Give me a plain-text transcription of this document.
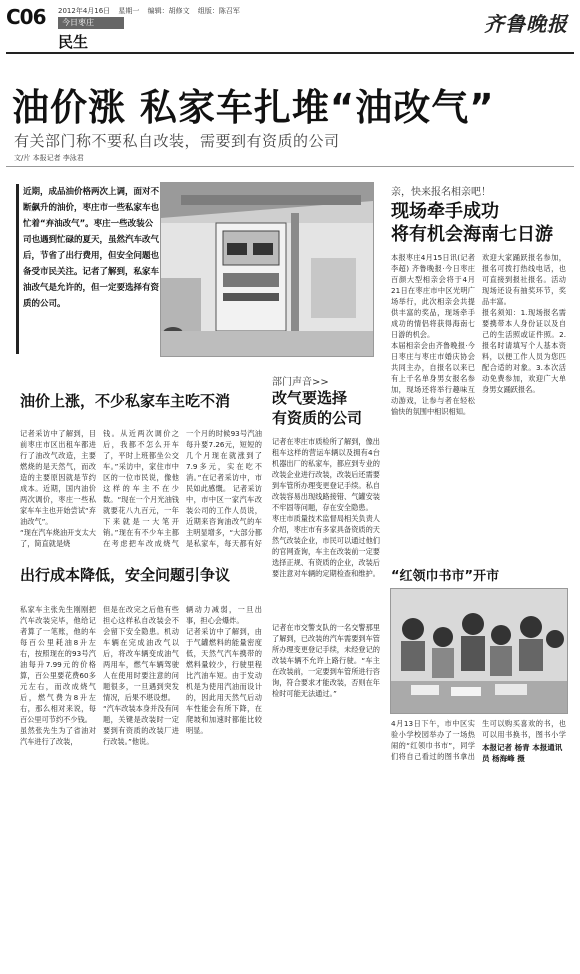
C06	2012年4月16日 星期一 编辑：胡修文 组版：陈召军
今日枣庄
民生
齐鲁晚报
油价涨 私家车扎堆“油改气”
有关部门称不要私自改装，需要到有资质的公司
文/片 本报记者 李泳君
近期，成品油价格两次上调，面对不断飙升的油价，枣庄市一些私家车也忙着“弃油改气”。枣庄一些改装公司也遇到忙碌的夏天，虽然汽车改气后，节省了出行费用，但安全问题也备受市民关注。记者了解到，私家车油改气是允许的，但一定要选择有资质的公司。
油价上涨，不少私家车主吃不消
记者采访中了解到，目前枣庄市区出租车都进行了油改气改造，主要燃烧的是天然气，而改造的主要原因就是节约成本。近期，国内油价两次调价，枣庄一些私家车车主也开始尝试“弃油改气”。
“现在汽车烧油开支太大了，简直就是烧
钱。从近两次调价之后，我都不怎么开车了，平时上班都坐公交车。”采访中，家住市中区的一位市民说，像他这样的车主不在少数。“现在一个月光油钱就要花八九百元，一年下来就是一大笔开销。”现在有不少车主都在考虑把车改成烧气
一个月的时候93号汽油每升要7.26元，短短的几个月现在就涨到了7.9多元，实在吃不消。”在记者采访中，市民如此感慨。 记者采访中，市中区一家汽车改装公司的工作人员说，近期来咨询油改气的车主明显增多，“大部分都是私家车，每天都有好
出行成本降低，安全问题引争议
私家车主张先生刚刚把汽车改装完毕，他给记者算了一笔账，他的车每百公里耗油8升左右，按照现在的93号汽油每升7.99元的价格算，百公里要花费60多元左右，而改成烧气后，燃气费为8升左右，那么相对来说，每百公里可节约不少钱。
虽然张先生为了省油对汽车进行了改装，
但是在改完之后他有些担心这样私自改装会不会留下安全隐患。机动车辆在完成油改气以后，将改车辆变成油气两用车，燃气车辆驾驶人在使用时要注意的问题很多，一旦遇到突发情况，后果不堪设想。
“汽车改装本身并没有问题，关键是改装时一定要到有资质的改装厂进行改装。”他说。
辆动力减弱，一旦出事，担心会爆炸。
记者采访中了解到，由于气罐燃料的能量密度低，天然气汽车携带的燃料量较少，行驶里程比汽油车短。由于发动机是为使用汽油而设计的，因此用天然气后动车性能会有所下降，在爬坡和加速时都能比较明显。
部门声音>>
改气要选择
有资质的公司
记者在枣庄市质检所了解到，像出租车这样的营运车辆以及拥有4台机器出厂的私家车，都应到专业的改装企业进行改装，改装后还需要到车管所办理变更登记手续。私自改装容易出现线路接错、气罐安装不牢固等问题，存在安全隐患。
枣庄市质量技术监督局相关负责人介绍，枣庄市有多家具备资质的天然气改装企业，市民可以通过他们的官网查询，车主在改装前一定要选择正规、有资质的企业，改装后要注意对车辆的定期检查和维护。
记者在市交警支队的一名交警那里了解到，已改装的汽车需要到车管所办理变更登记手续，未经登记的改装车辆不允许上路行驶。“车主在改装前，一定要到车管所进行咨询，符合要求才能改装，否则在年检时可能无法通过。”
亲，快来报名相亲吧！
现场牵手成功
将有机会海南七日游
本报枣庄4月15日讯(记者李超) 齐鲁晚报·今日枣庄百颜大型相亲会将于4月21日在枣庄市中区光明广场举行，此次相亲会共提供丰富的奖品，现场牵手成功的情侣将获得海南七日游的机会。
本届相亲会由齐鲁晚报·今日枣庄与枣庄市婚庆协会共同主办，自报名以来已有上千名单身男女报名参加，现场还将举行趣味互动游戏，让参与者在轻松愉快的氛围中相识相知。
欢迎大家踊跃报名参加，报名可拨打热线电话，也可直接到报社报名。活动现场还设有抽奖环节，奖品丰富。
报名须知：1.现场报名需要携带本人身份证以及自己的生活照或证件照。2.报名时请填写个人基本资料，以便工作人员为您匹配合适的对象。3.本次活动免费参加，欢迎广大单身男女踊跃报名。
“红领巾书市”开市
4月13日下午，市中区实验小学校园举办了一场热闹的“红领巾书市”，同学们将自己看过的图书拿出
生可以购买喜欢的书，也可以用书换书，图书小学
本报记者 杨青 本报通讯员 杨海峰 摄
